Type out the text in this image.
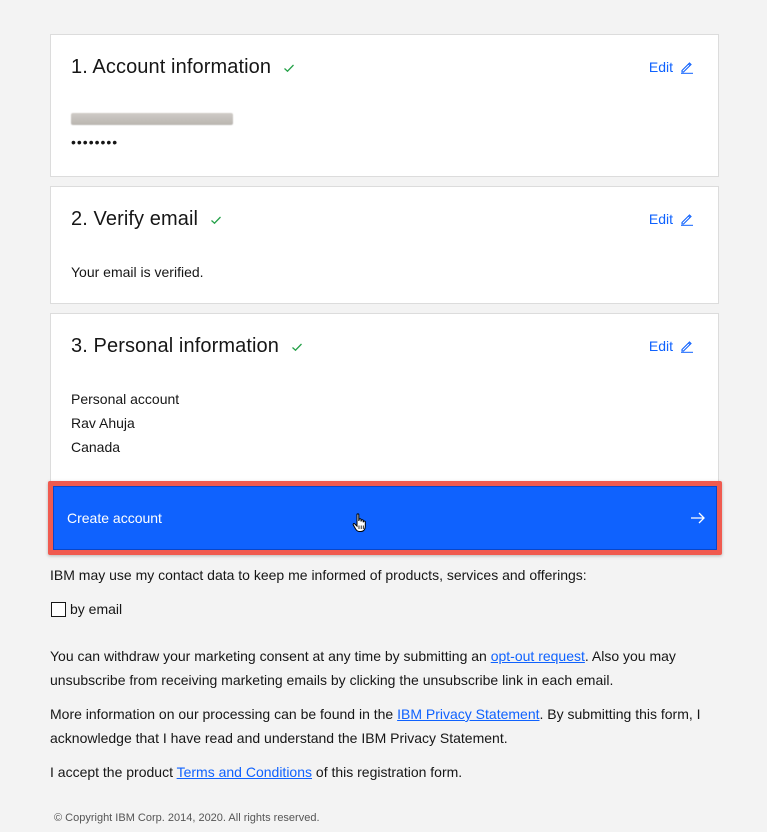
1. Account information	Edit
••••••••
2. Verify email	Edit
Your email is verified.
3. Personal information	Edit
Personal account
Rav Ahuja
Canada
Create account
IBM may use my contact data to keep me informed of products, services and offerings:
by email
You can withdraw your marketing consent at any time by submitting an opt-out request. Also you may unsubscribe from receiving marketing emails by clicking the unsubscribe link in each email.
More information on our processing can be found in the IBM Privacy Statement. By submitting this form, I acknowledge that I have read and understand the IBM Privacy Statement.
I accept the product Terms and Conditions of this registration form.
© Copyright IBM Corp. 2014, 2020. All rights reserved.
